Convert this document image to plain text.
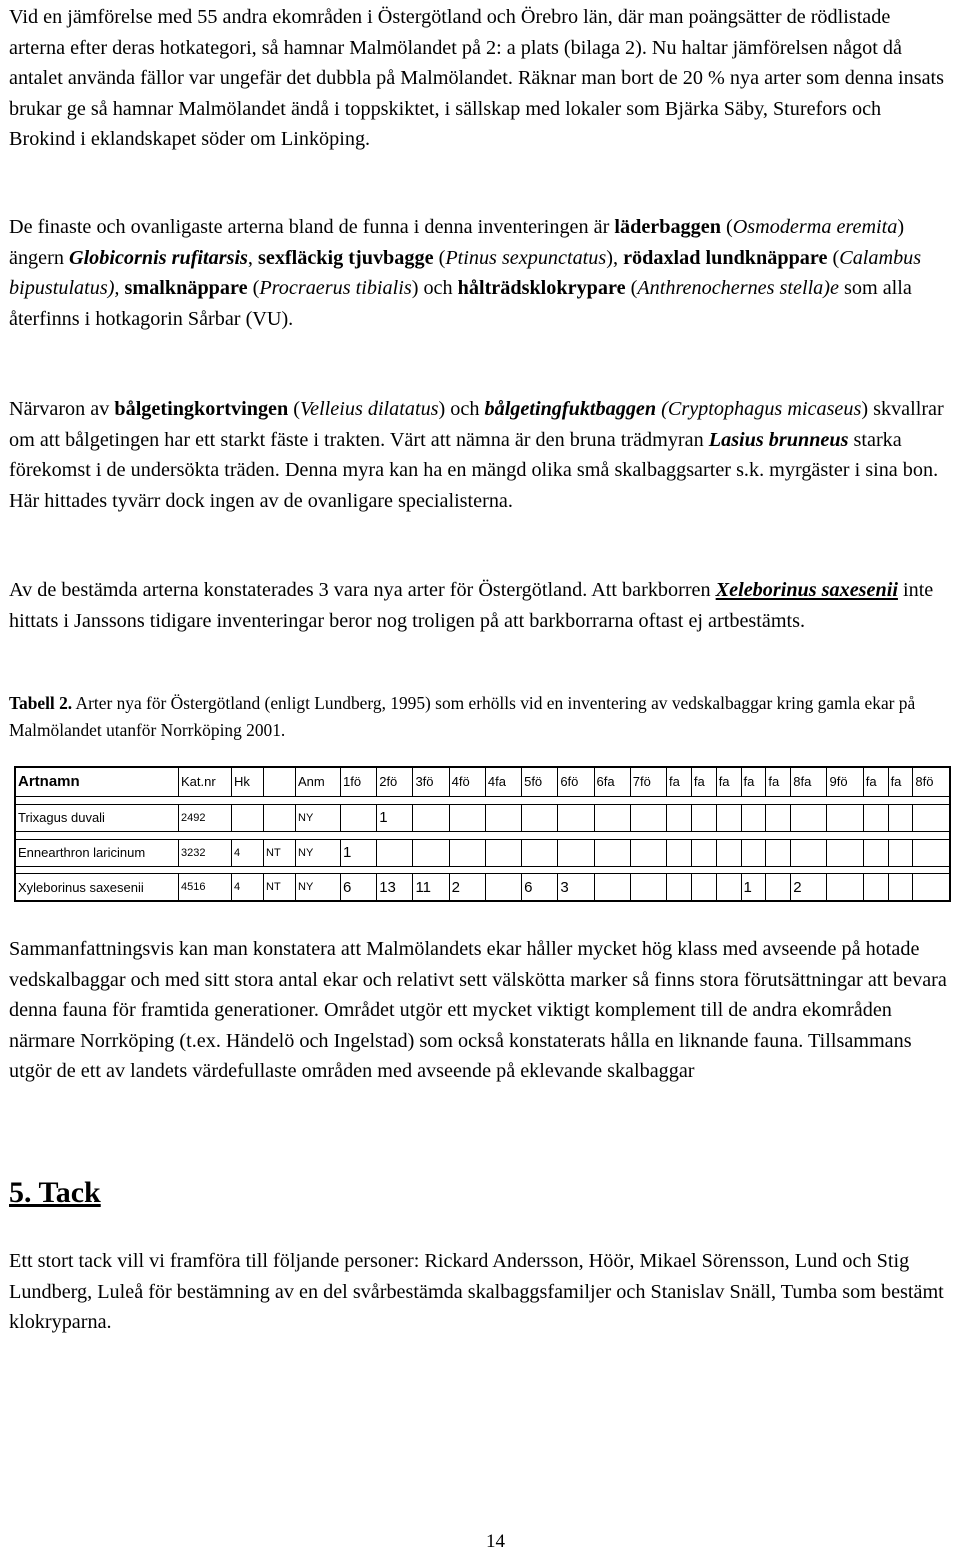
Vid en jämförelse med 55 andra ekområden i Östergötland och Örebro län, där man poängsätter de rödlistade arterna efter deras hotkategori, så hamnar Malmölandet på 2: a plats (bilaga 2). Nu haltar jämförelsen något då antalet använda fällor var ungefär det dubbla på Malmölandet. Räknar man bort de 20 % nya arter som denna insats brukar ge så hamnar Malmölandet ändå i toppskiktet, i sällskap med lokaler som Bjärka Säby, Sturefors och Brokind i eklandskapet söder om Linköping.

De finaste och ovanligaste arterna bland de funna i denna inventeringen är läderbaggen (Osmoderma eremita) ängern Globicornis rufitarsis, sexfläckig tjuvbagge (Ptinus sexpunctatus), rödaxlad lundknäppare (Calambus bipustulatus), smalknäppare (Procraerus tibialis) och hålträdsklokrypare (Anthrenochernes stella)e som alla återfinns i hotkagorin Sårbar (VU).

Närvaron av bålgetingkortvingen (Velleius dilatatus) och bålgetingfuktbaggen (Cryptophagus micaseus) skvallrar om att bålgetingen har ett starkt fäste i trakten. Värt att nämna är den bruna trädmyran Lasius brunneus starka förekomst i de undersökta träden. Denna myra kan ha en mängd olika små skalbaggsarter s.k. myrgäster i sina bon. Här hittades tyvärr dock ingen av de ovanligare specialisterna.

Av de bestämda arterna konstaterades 3 vara nya arter för Östergötland. Att barkborren Xeleborinus saxesenii inte hittats i Janssons tidigare inventeringar beror nog troligen på att barkborrarna oftast ej artbestämts.

Tabell 2. Arter nya för Östergötland (enligt Lundberg, 1995) som erhölls vid en inventering av vedskalbaggar kring gamla ekar på Malmölandet utanför Norrköping 2001.

Artnamn	Kat.nr	Hk		Anm	1fö	2fö	3fö	4fö	4fa	5fö	6fö	6fa	7fö	fa	fa	fa	fa	fa	8fa	9fö	fa	fa	8fö

Trixagus duvali	2492			NY		1																	

Ennearthron laricinum	3232	4	NT	NY	1																		

Xyleborinus saxesenii	4516	4	NT	NY	6	13	11	2		6	3						1		2				

Sammanfattningsvis kan man konstatera att Malmölandets ekar håller mycket hög klass med avseende på hotade vedskalbaggar och med sitt stora antal ekar och relativt sett välskötta marker så finns stora förutsättningar att bevara denna fauna för framtida generationer. Området utgör ett mycket viktigt komplement till de andra ekområden närmare Norrköping (t.ex. Händelö och Ingelstad) som också konstaterats hålla en liknande fauna. Tillsammans utgör de ett av landets värdefullaste områden med avseende på eklevande skalbaggar

5. Tack

Ett stort tack vill vi framföra till följande personer: Rickard Andersson, Höör, Mikael Sörensson, Lund och Stig Lundberg, Luleå för bestämning av en del svårbestämda skalbaggsfamiljer och Stanislav Snäll, Tumba som bestämt klokryparna.

14
